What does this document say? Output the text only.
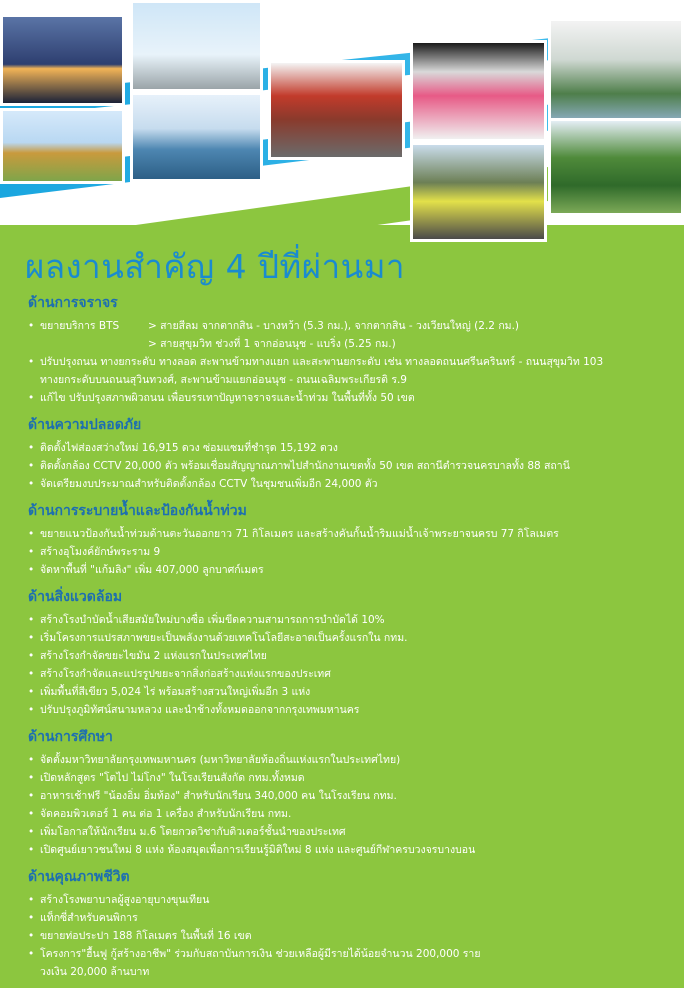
ผลงานสำคัญ 4 ปีที่ผ่านมา
ด้านการจราจร
• ขยายบริการ BTS	> สายสีลม จากตากสิน - บางหว้า (5.3 กม.), จากตากสิน - วงเวียนใหญ่ (2.2 กม.)
> สายสุขุมวิท ช่วงที่ 1 จากอ่อนนุช - แบริ่ง (5.25 กม.)
• ปรับปรุงถนน ทางยกระดับ ทางลอด สะพานข้ามทางแยก และสะพานยกระดับ เช่น ทางลอดถนนศรีนครินทร์ - ถนนสุขุมวิท 103
ทางยกระดับบนถนนสุวินทวงศ์, สะพานข้ามแยกอ่อนนุช - ถนนเฉลิมพระเกียรติ ร.9
• แก้ไข ปรับปรุงสภาพผิวถนน เพื่อบรรเทาปัญหาจราจรและน้ำท่วม ในพื้นที่ทั้ง 50 เขต
ด้านความปลอดภัย
• ติดตั้งไฟส่องสว่างใหม่ 16,915 ดวง ซ่อมแซมที่ชำรุด 15,192 ดวง
• ติดตั้งกล้อง CCTV 20,000 ตัว พร้อมเชื่อมสัญญาณภาพไปสำนักงานเขตทั้ง 50 เขต สถานีตำรวจนครบาลทั้ง 88 สถานี
• จัดเตรียมงบประมาณสำหรับติดตั้งกล้อง CCTV ในชุมชนเพิ่มอีก 24,000 ตัว
ด้านการระบายน้ำและป้องกันน้ำท่วม
• ขยายแนวป้องกันน้ำท่วมด้านตะวันออกยาว 71 กิโลเมตร และสร้างคันกั้นน้ำริมแม่น้ำเจ้าพระยาจนครบ 77 กิโลเมตร
• สร้างอุโมงค์ยักษ์พระราม 9
• จัดหาพื้นที่ "แก้มลิง" เพิ่ม 407,000 ลูกบาศก์เมตร
ด้านสิ่งแวดล้อม
• สร้างโรงบำบัดน้ำเสียสมัยใหม่บางซื่อ เพิ่มขีดความสามารถการบำบัดได้ 10%
• เริ่มโครงการแปรสภาพขยะเป็นพลังงานด้วยเทคโนโลยีสะอาดเป็นครั้งแรกใน กทม.
• สร้างโรงกำจัดขยะไขมัน 2 แห่งแรกในประเทศไทย
• สร้างโรงกำจัดและแปรรูปขยะจากสิ่งก่อสร้างแห่งแรกของประเทศ
• เพิ่มพื้นที่สีเขียว 5,024 ไร่ พร้อมสร้างสวนใหญ่เพิ่มอีก 3 แห่ง
• ปรับปรุงภูมิทัศน์สนามหลวง และนำช้างทั้งหมดออกจากกรุงเทพมหานคร
ด้านการศึกษา
• จัดตั้งมหาวิทยาลัยกรุงเทพมหานคร (มหาวิทยาลัยท้องถิ่นแห่งแรกในประเทศไทย)
• เปิดหลักสูตร "โตไป ไม่โกง" ในโรงเรียนสังกัด กทม.ทั้งหมด
• อาหารเช้าฟรี "น้องอิ่ม อิ่มท้อง" สำหรับนักเรียน 340,000 คน ในโรงเรียน กทม.
• จัดคอมพิวเตอร์ 1 คน ต่อ 1 เครื่อง สำหรับนักเรียน กทม.
• เพิ่มโอกาสให้นักเรียน ม.6 โดยกวดวิชากับติวเตอร์ชั้นนำของประเทศ
• เปิดศูนย์เยาวชนใหม่ 8 แห่ง ห้องสมุดเพื่อการเรียนรู้มิติใหม่ 8 แห่ง และศูนย์กีฬาครบวงจรบางบอน
ด้านคุณภาพชีวิต
• สร้างโรงพยาบาลผู้สูงอายุบางขุนเทียน
• แท็กซี่สำหรับคนพิการ
• ขยายท่อประปา 188 กิโลเมตร ในพื้นที่ 16 เขต
• โครงการ"ฮื้นฟู กู้สร้างอาชีพ" ร่วมกับสถาบันการเงิน ช่วยเหลือผู้มีรายได้น้อยจำนวน 200,000 ราย
วงเงิน 20,000 ล้านบาท
